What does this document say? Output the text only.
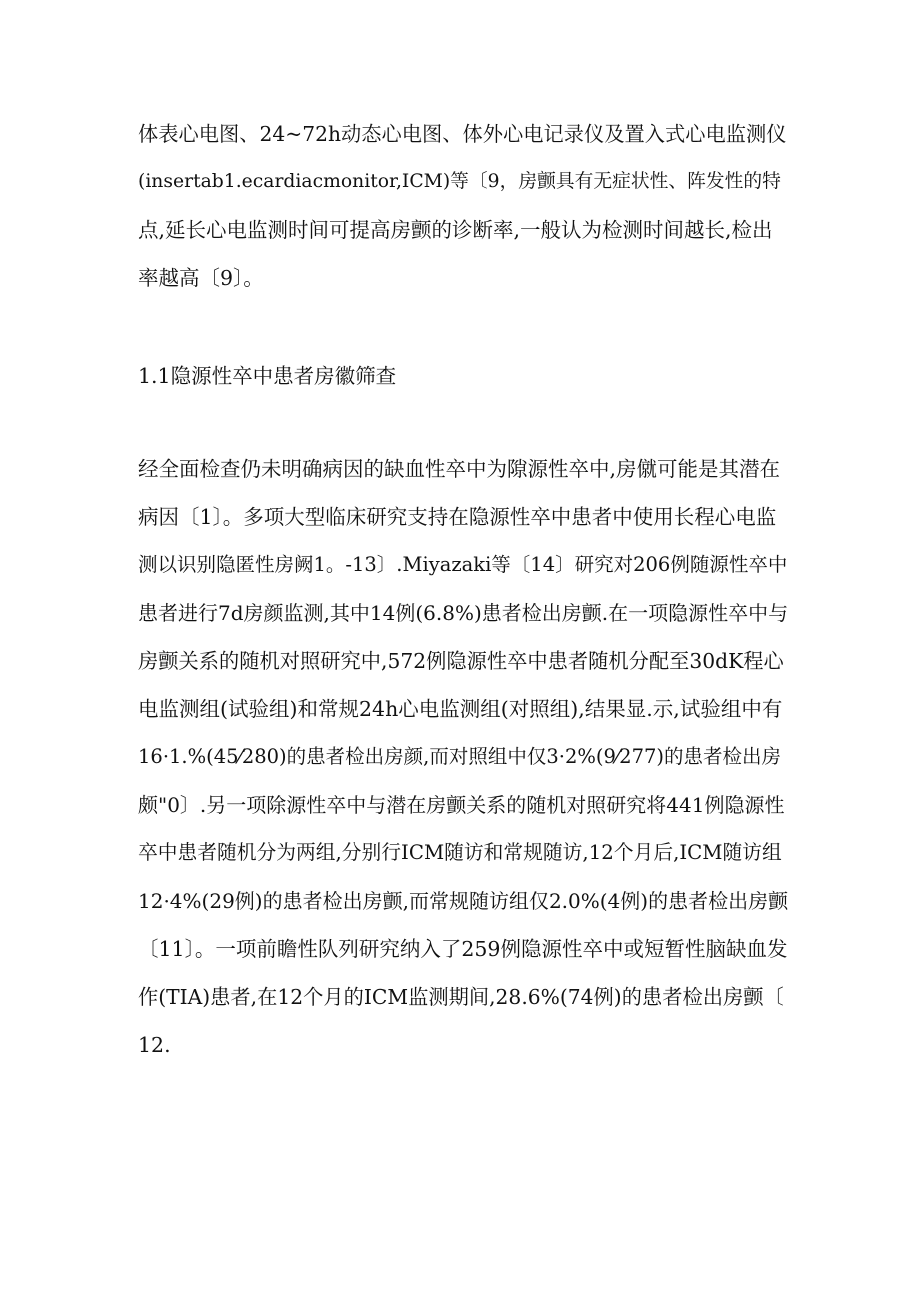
体表心电图、24~72h动态心电图、体外心电记录仪及置入式心电监测仪
(insertab1.ecardiacmonitor,ICM)等〔9，房颤具有无症状性、阵发性的特
点,延长心电监测时间可提高房颤的诊断率,一般认为检测时间越长,检出
率越高〔9〕。
1.1隐源性卒中患者房徽筛查
经全面检查仍未明确病因的缺血性卒中为隙源性卒中,房僦可能是其潜在
病因〔1〕。多项大型临床研究支持在隐源性卒中患者中使用长程心电监
测以识别隐匿性房阙1。-13〕.Miyazaki等〔14〕研究对206例随源性卒中
患者进行7d房颜监测,其中14例(6.8%)患者检出房颤.在一项隐源性卒中与
房颤关系的随机对照研究中,572例隐源性卒中患者随机分配至30dK程心
电监测组(试验组)和常规24h心电监测组(对照组),结果显.示,试验组中有
16·1.%(45⁄280)的患者检出房颜,而对照组中仅3·2%(9⁄277)的患者检出房
颇"0〕.另一项除源性卒中与潜在房颤关系的随机对照研究将441例隐源性
卒中患者随机分为两组,分别行ICM随访和常规随访,12个月后,ICM随访组
12·4%(29例)的患者检出房颤,而常规随访组仅2.0%(4例)的患者检出房颤
〔11〕。一项前瞻性队列研究纳入了259例隐源性卒中或短暂性脑缺血发
作(TIA)患者,在12个月的ICM监测期间,28.6%(74例)的患者检出房颤〔
12.
